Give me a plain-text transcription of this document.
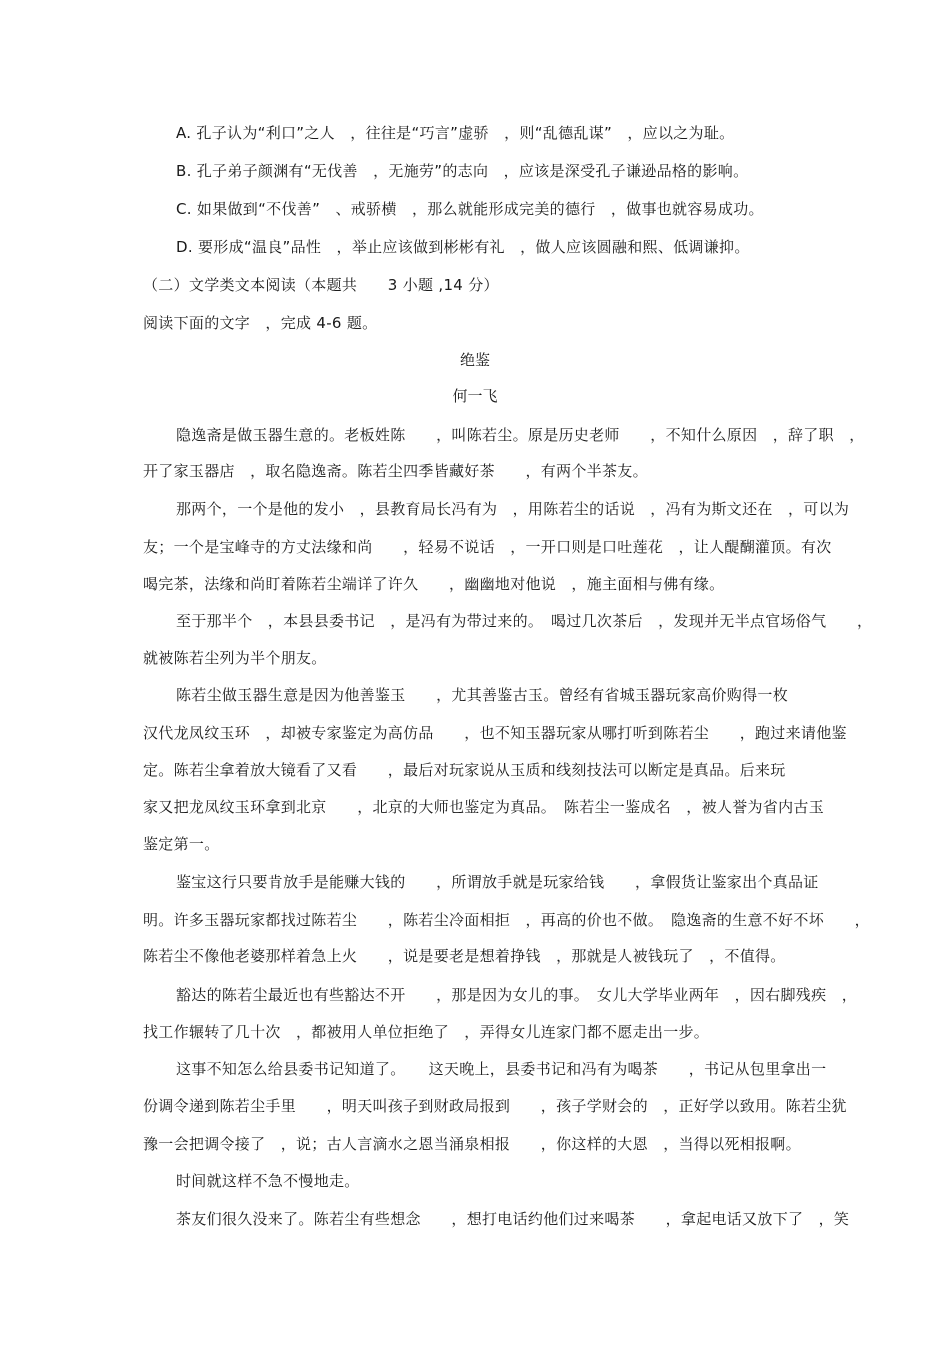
A. 孔子认为“利口”之人　，往往是“巧言”虚骄　，则“乱德乱谋”　，应以之为耻。
B. 孔子弟子颜渊有“无伐善　，无施劳”的志向　，应该是深受孔子谦逊品格的影响。
C. 如果做到“不伐善”　、戒骄横　，那么就能形成完美的德行　，做事也就容易成功。
D. 要形成“温良”品性　，举止应该做到彬彬有礼　，做人应该圆融和熙、低调谦抑。
（二）文学类文本阅读（本题共　　3 小题 ,14 分）
阅读下面的文字　，完成 4-6 题。
绝鉴
何一飞
隐逸斋是做玉器生意的。老板姓陈　　，叫陈若尘。原是历史老师　　，不知什么原因　，辞了职　，
开了家玉器店　，取名隐逸斋。陈若尘四季皆藏好茶　　，有两个半茶友。
那两个，一个是他的发小　，县教育局长冯有为　，用陈若尘的话说　，冯有为斯文还在　，可以为
友；一个是宝峰寺的方丈法缘和尚　　，轻易不说话　，一开口则是口吐莲花　，让人醍醐灌顶。有次
喝完茶，法缘和尚盯着陈若尘端详了许久　　，幽幽地对他说　，施主面相与佛有缘。
至于那半个　，本县县委书记　，是冯有为带过来的。　喝过几次茶后　，发现并无半点官场俗气　　，
就被陈若尘列为半个朋友。
陈若尘做玉器生意是因为他善鉴玉　　，尤其善鉴古玉。曾经有省城玉器玩家高价购得一枚
汉代龙凤纹玉环　，却被专家鉴定为高仿品　　，也不知玉器玩家从哪打听到陈若尘　　，跑过来请他鉴
定。陈若尘拿着放大镜看了又看　　，最后对玩家说从玉质和线刻技法可以断定是真品。后来玩
家又把龙凤纹玉环拿到北京　　，北京的大师也鉴定为真品。　陈若尘一鉴成名　，被人誉为省内古玉
鉴定第一。
鉴宝这行只要肯放手是能赚大钱的　　，所谓放手就是玩家给钱　　，拿假货让鉴家出个真品证
明。许多玉器玩家都找过陈若尘　　，陈若尘冷面相拒　，再高的价也不做。　隐逸斋的生意不好不坏　　，
陈若尘不像他老婆那样着急上火　　，说是要老是想着挣钱　，那就是人被钱玩了　，不值得。
豁达的陈若尘最近也有些豁达不开　　，那是因为女儿的事。　女儿大学毕业两年　，因右脚残疾　，
找工作辗转了几十次　，都被用人单位拒绝了　，弄得女儿连家门都不愿走出一步。
这事不知怎么给县委书记知道了。　　这天晚上，县委书记和冯有为喝茶　　，书记从包里拿出一
份调令递到陈若尘手里　　，明天叫孩子到财政局报到　　，孩子学财会的　，正好学以致用。陈若尘犹
豫一会把调令接了　，说；古人言滴水之恩当涌泉相报　　，你这样的大恩　，当得以死相报啊。
时间就这样不急不慢地走。
茶友们很久没来了。陈若尘有些想念　　，想打电话约他们过来喝茶　　，拿起电话又放下了　，笑
